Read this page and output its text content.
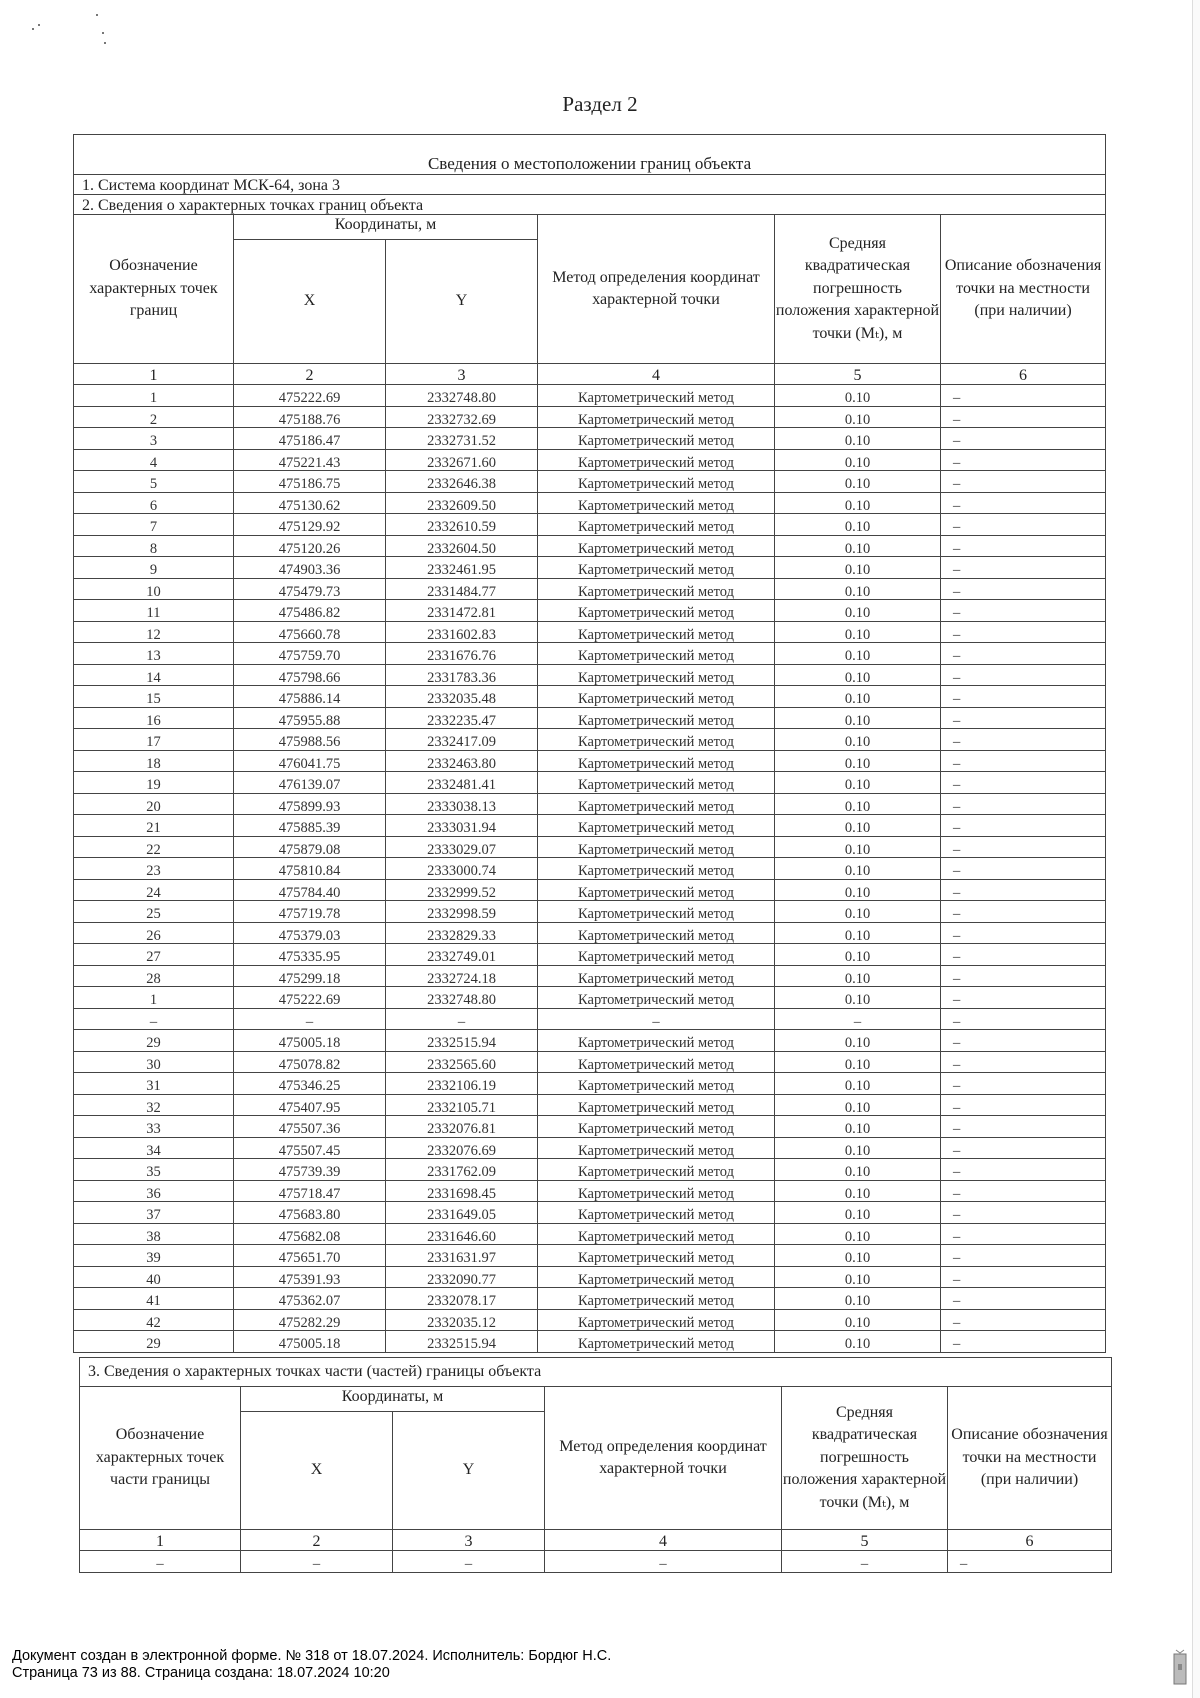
Раздел 2
Сведения о местоположении границ объекта					
1. Система координат МСК-64, зона 3					
2. Сведения о характерных точках границ объекта					
Обозначение характерных точек границ	Координаты, м		Метод определения координат характерной точки	Средняя квадратическая погрешность положения характерной точки (Mₜ), м	Описание обозначения точки на местности (при наличии)
	X	Y			
1	2	3	4	5	6
1	475222.69	2332748.80	Картометрический метод	0.10	–
2	475188.76	2332732.69	Картометрический метод	0.10	–
3	475186.47	2332731.52	Картометрический метод	0.10	–
4	475221.43	2332671.60	Картометрический метод	0.10	–
5	475186.75	2332646.38	Картометрический метод	0.10	–
6	475130.62	2332609.50	Картометрический метод	0.10	–
7	475129.92	2332610.59	Картометрический метод	0.10	–
8	475120.26	2332604.50	Картометрический метод	0.10	–
9	474903.36	2332461.95	Картометрический метод	0.10	–
10	475479.73	2331484.77	Картометрический метод	0.10	–
11	475486.82	2331472.81	Картометрический метод	0.10	–
12	475660.78	2331602.83	Картометрический метод	0.10	–
13	475759.70	2331676.76	Картометрический метод	0.10	–
14	475798.66	2331783.36	Картометрический метод	0.10	–
15	475886.14	2332035.48	Картометрический метод	0.10	–
16	475955.88	2332235.47	Картометрический метод	0.10	–
17	475988.56	2332417.09	Картометрический метод	0.10	–
18	476041.75	2332463.80	Картометрический метод	0.10	–
19	476139.07	2332481.41	Картометрический метод	0.10	–
20	475899.93	2333038.13	Картометрический метод	0.10	–
21	475885.39	2333031.94	Картометрический метод	0.10	–
22	475879.08	2333029.07	Картометрический метод	0.10	–
23	475810.84	2333000.74	Картометрический метод	0.10	–
24	475784.40	2332999.52	Картометрический метод	0.10	–
25	475719.78	2332998.59	Картометрический метод	0.10	–
26	475379.03	2332829.33	Картометрический метод	0.10	–
27	475335.95	2332749.01	Картометрический метод	0.10	–
28	475299.18	2332724.18	Картометрический метод	0.10	–
1	475222.69	2332748.80	Картометрический метод	0.10	–
–	–	–	–	–	–
29	475005.18	2332515.94	Картометрический метод	0.10	–
30	475078.82	2332565.60	Картометрический метод	0.10	–
31	475346.25	2332106.19	Картометрический метод	0.10	–
32	475407.95	2332105.71	Картометрический метод	0.10	–
33	475507.36	2332076.81	Картометрический метод	0.10	–
34	475507.45	2332076.69	Картометрический метод	0.10	–
35	475739.39	2331762.09	Картометрический метод	0.10	–
36	475718.47	2331698.45	Картометрический метод	0.10	–
37	475683.80	2331649.05	Картометрический метод	0.10	–
38	475682.08	2331646.60	Картометрический метод	0.10	–
39	475651.70	2331631.97	Картометрический метод	0.10	–
40	475391.93	2332090.77	Картометрический метод	0.10	–
41	475362.07	2332078.17	Картометрический метод	0.10	–
42	475282.29	2332035.12	Картометрический метод	0.10	–
29	475005.18	2332515.94	Картометрический метод	0.10	–
3. Сведения о характерных точках части (частей) границы объекта					
Обозначение характерных точек части границы	Координаты, м		Метод определения координат характерной точки	Средняя квадратическая погрешность положения характерной точки (Mₜ), м	Описание обозначения точки на местности (при наличии)
	X	Y			
1	2	3	4	5	6
–	–	–	–	–	–
Документ создан в электронной форме. № 318 от 18.07.2024. Исполнитель: Бордюг Н.С.
Страница 73 из 88. Страница создана: 18.07.2024 10:20
